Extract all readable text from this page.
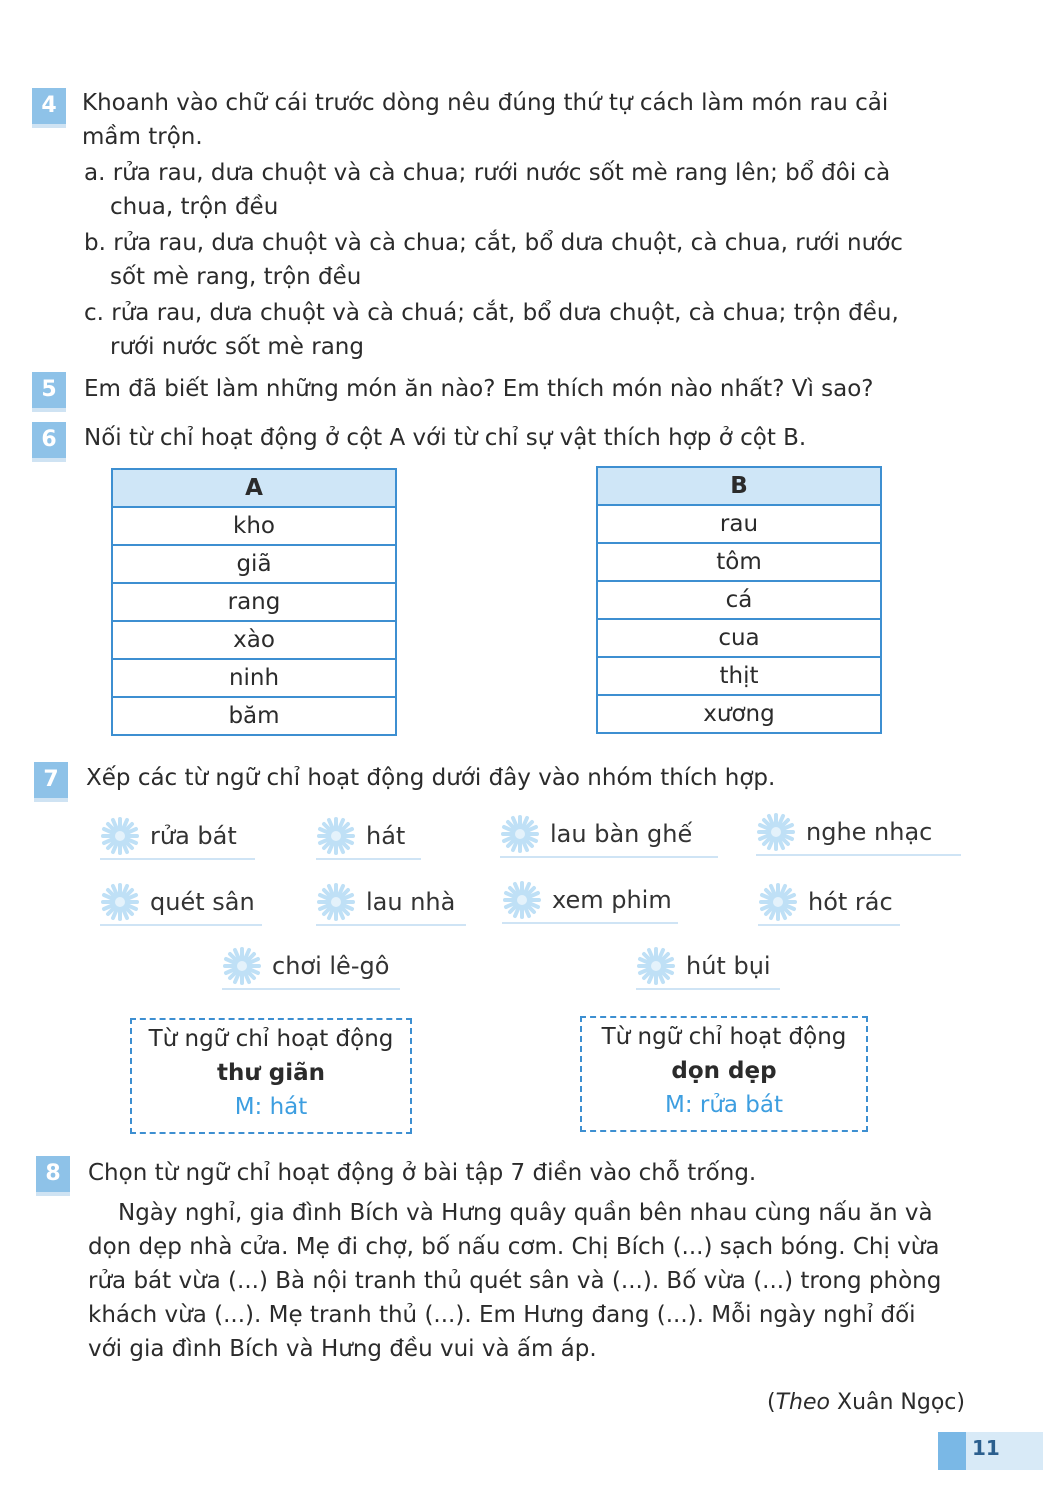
4	Khoanh vào chữ cái trước dòng nêu đúng thứ tự cách làm món rau cải
mầm trộn.
a. rửa rau, dưa chuột và cà chua; rưới nước sốt mè rang lên; bổ đôi cà
chua, trộn đều
b. rửa rau, dưa chuột và cà chua; cắt, bổ dưa chuột, cà chua, rưới nước
sốt mè rang, trộn đều
c. rửa rau, dưa chuột và cà chuá; cắt, bổ dưa chuột, cà chua; trộn đều,
rưới nước sốt mè rang
5	Em đã biết làm những món ăn nào? Em thích món nào nhất? Vì sao?
6	Nối từ chỉ hoạt động ở cột A với từ chỉ sự vật thích hợp ở cột B.
A
kho
giã
rang
xào
ninh
băm
B
rau
tôm
cá
cua
thịt
xương
7	Xếp các từ ngữ chỉ hoạt động dưới đây vào nhóm thích hợp.
rửa bát	hát	lau bàn ghế	nghe nhạc
quét sân	lau nhà	xem phim	hót rác
chơi lê-gô	hút bụi
Từ ngữ chỉ hoạt động
thư giãn
M: hát
Từ ngữ chỉ hoạt động
dọn dẹp
M: rửa bát
8	Chọn từ ngữ chỉ hoạt động ở bài tập 7 điền vào chỗ trống.
Ngày nghỉ, gia đình Bích và Hưng quây quần bên nhau cùng nấu ăn và
dọn dẹp nhà cửa. Mẹ đi chợ, bố nấu cơm. Chị Bích (...) sạch bóng. Chị vừa
rửa bát vừa (...) Bà nội tranh thủ quét sân và (...). Bố vừa (...) trong phòng
khách vừa (...). Mẹ tranh thủ (...). Em Hưng đang (...). Mỗi ngày nghỉ đối
với gia đình Bích và Hưng đều vui và ấm áp.
(Theo Xuân Ngọc)
11
